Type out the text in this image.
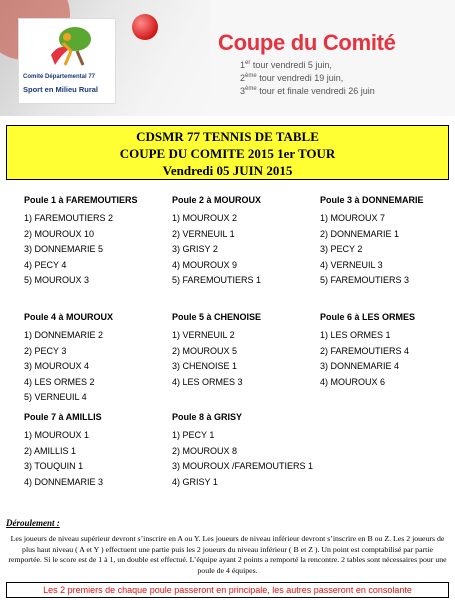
Comité Départemental 77
Sport en Milieu Rural
Coupe du Comité
1er tour vendredi 5 juin,
2ème tour vendredi 19 juin,
3ème tour et finale vendredi 26 juin
CDSMR 77 TENNIS DE TABLE
COUPE DU COMITE 2015 1er TOUR
Vendredi 05 JUIN 2015
Poule 1 à FAREMOUTIERS
1) FAREMOUTIERS 2
2) MOUROUX 10
3) DONNEMARIE 5
4) PECY 4
5) MOUROUX 3
Poule 2 à MOUROUX
1) MOUROUX 2
2) VERNEUIL 1
3) GRISY 2
4) MOUROUX 9
5) FAREMOUTIERS 1
Poule 3 à DONNEMARIE
1) MOUROUX 7
2) DONNEMARIE 1
3) PECY 2
4) VERNEUIL 3
5) FAREMOUTIERS 3
Poule 4 à MOUROUX
1) DONNEMARIE 2
2) PECY 3
3) MOUROUX 4
4) LES ORMES 2
5) VERNEUIL 4
Poule 5 à CHENOISE
1) VERNEUIL 2
2) MOUROUX 5
3) CHENOISE 1
4) LES ORMES 3
Poule 6 à LES ORMES
1) LES ORMES 1
2) FAREMOUTIERS 4
3) DONNEMARIE 4
4) MOUROUX 6
Poule 7 à AMILLIS
1) MOUROUX 1
2) AMILLIS 1
3) TOUQUIN 1
4) DONNEMARIE 3
Poule 8 à GRISY
1) PECY 1
2) MOUROUX 8
3) MOUROUX /FAREMOUTIERS 1
4) GRISY 1
Déroulement :
Les joueurs de niveau supérieur devront s’inscrire en A ou Y. Les joueurs de niveau inférieur devront s’inscrire en B ou Z. Les 2 joueurs de plus haut niveau ( A et Y ) effectuent une partie puis les 2 joueurs du niveau inférieur ( B et Z ). Un point est comptabilisé par partie remportée. Si le score est de 1 à 1, un double est effectué. L’équipe ayant 2 points a remporté la rencontre. 2 tables sont nécessaires pour une poule de 4 équipes.
Les 2 premiers de chaque poule passeront en principale, les autres passeront en consolante
